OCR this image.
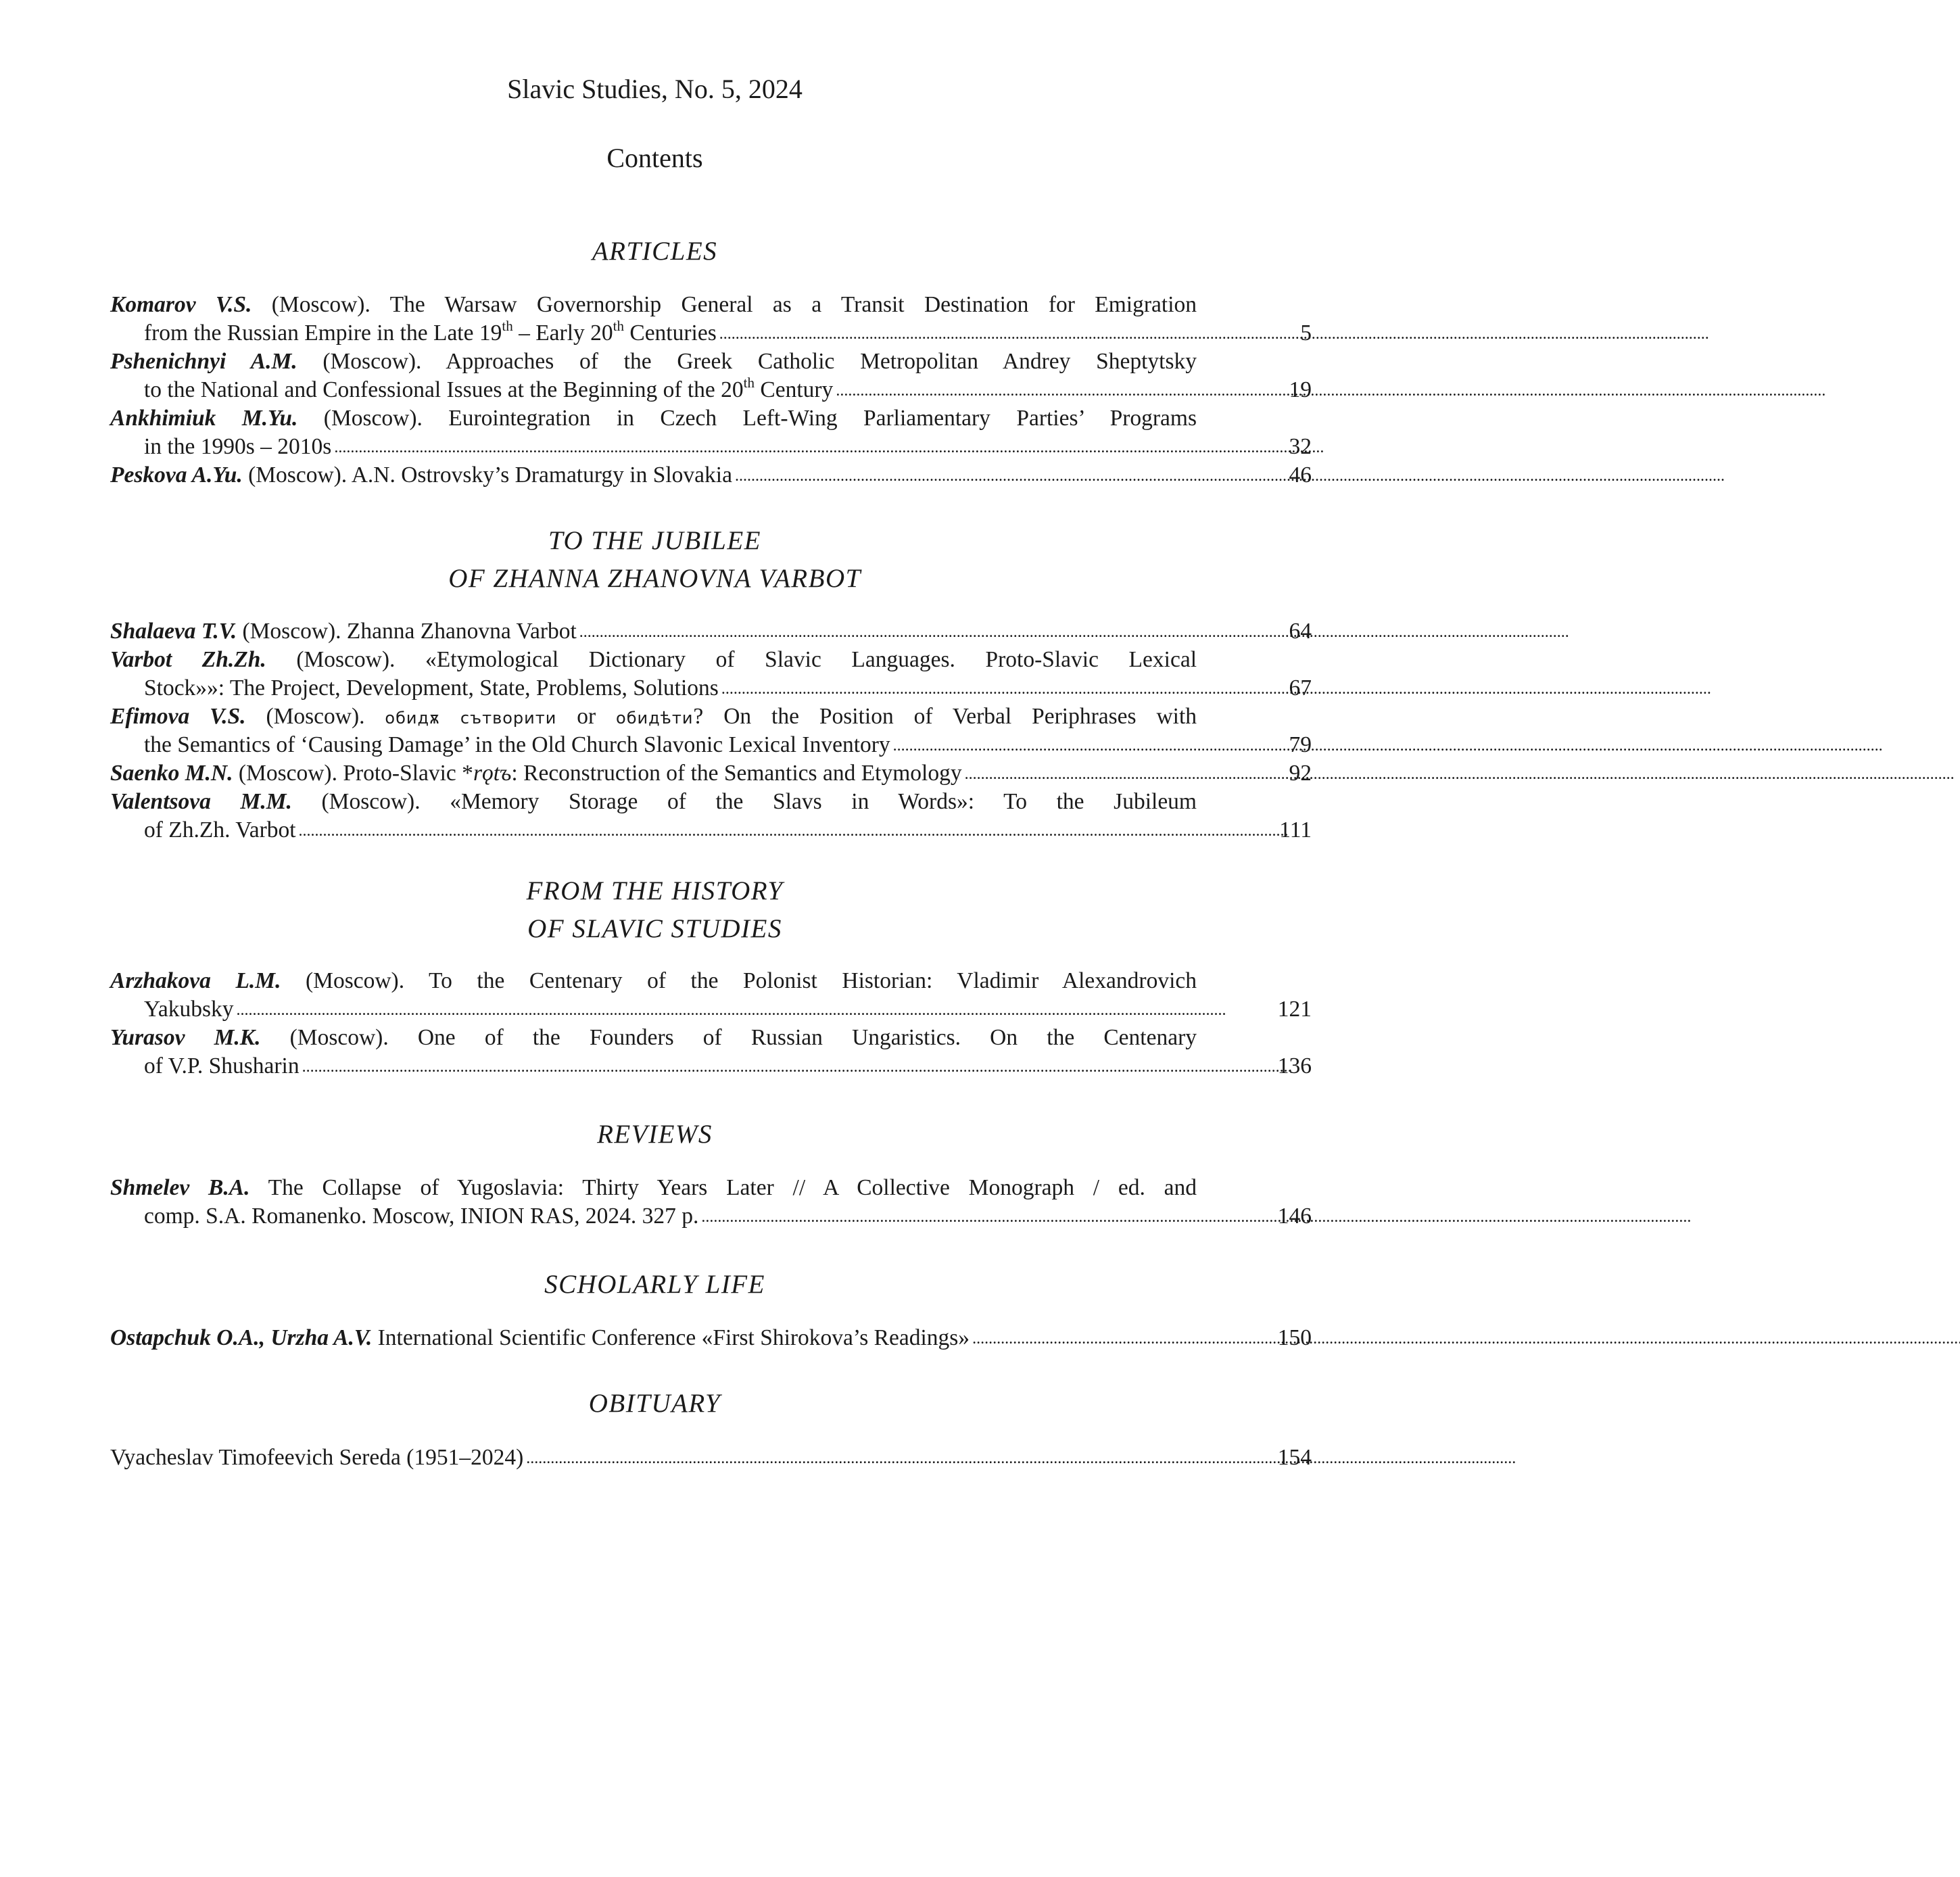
Slavic Studies, No. 5, 2024
Contents
ARTICLES
Komarov V.S. (Moscow). The Warsaw Governorship General as a Transit Destination for Emigration
from the Russian Empire in the Late 19th – Early 20th Centuries . . .	5
Pshenichnyi A.M. (Moscow). Approaches of the Greek Catholic Metropolitan Andrey Sheptytsky
to the National and Confessional Issues at the Beginning of the 20th Century . . .	19
Ankhimiuk M.Yu. (Moscow). Eurointegration in Czech Left-Wing Parliamentary Parties’ Programs
in the 1990s – 2010s . . .	32
Peskova A.Yu. (Moscow). A.N. Ostrovsky’s Dramaturgy in Slovakia . . .	46
TO THE JUBILEE
OF ZHANNA ZHANOVNA VARBOT
Shalaeva T.V. (Moscow). Zhanna Zhanovna Varbot . . .	64
Varbot Zh.Zh. (Moscow). «Etymological Dictionary of Slavic Languages. Proto-Slavic Lexical
Stock»»: The Project, Development, State, Problems, Solutions . . .	67
Efimova V.S. (Moscow). обидѫ сътворити or обидѣти? On the Position of Verbal Periphrases with
the Semantics of ‘Causing Damage’ in the Old Church Slavonic Lexical Inventory . . .	79
Saenko M.N. (Moscow). Proto-Slavic *rǫtъ: Reconstruction of the Semantics and Etymology . . .	92
Valentsova M.M. (Moscow). «Memory Storage of the Slavs in Words»: To the Jubileum
of Zh.Zh. Varbot . . .	111
FROM THE HISTORY
OF SLAVIC STUDIES
Arzhakova L.M. (Moscow). To the Centenary of the Polonist Historian: Vladimir Alexandrovich
Yakubsky . . .	121
Yurasov M.K. (Moscow). One of the Founders of Russian Ungaristics. On the Centenary
of V.P. Shusharin . . .	136
REVIEWS
Shmelev B.A. The Collapse of Yugoslavia: Thirty Years Later // A Collective Monograph / ed. and
comp. S.A. Romanenko. Moscow, INION RAS, 2024. 327 p. . . .	146
SCHOLARLY LIFE
Ostapchuk O.A., Urzha A.V. International Scientific Conference «First Shirokova’s Readings» . . .	150
OBITUARY
Vyacheslav Timofeevich Sereda (1951–2024) . . .	154
